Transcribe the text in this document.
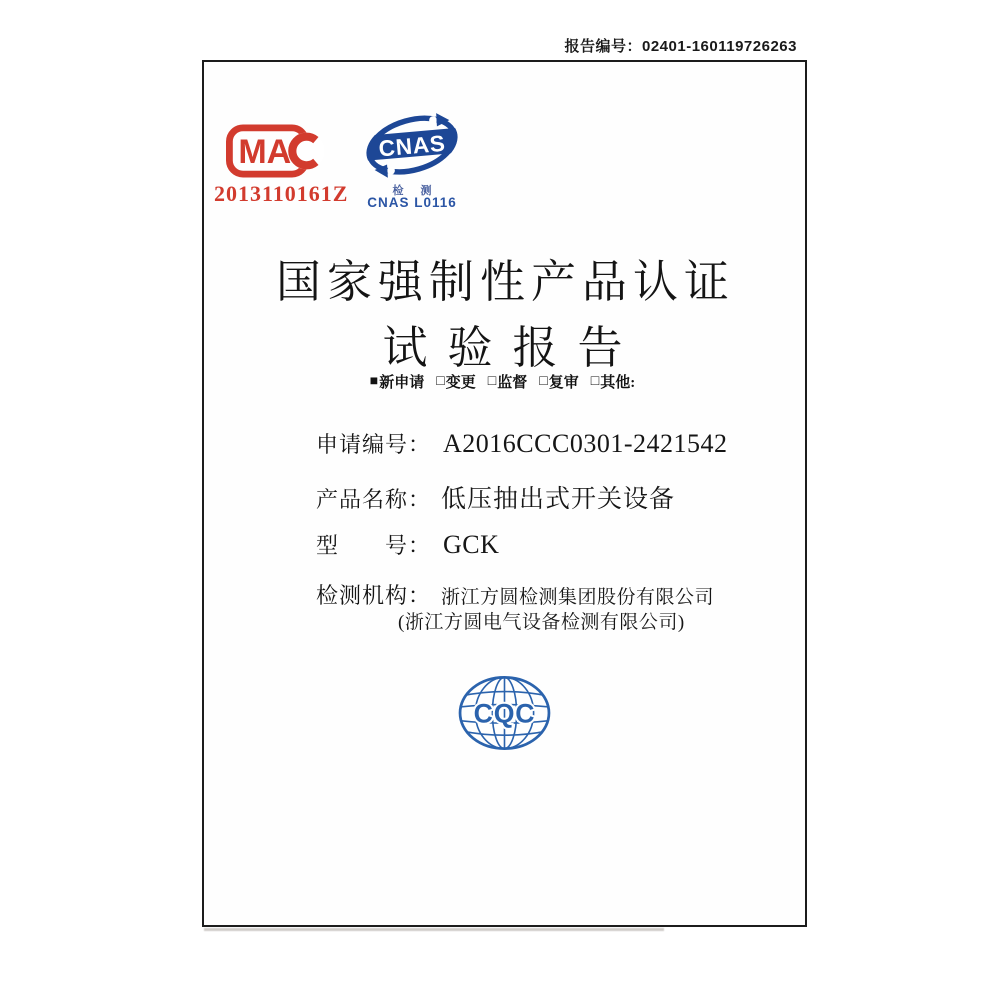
报告编号：02401-160119726263
MA
2013110161Z
CNAS
检 测
CNAS L0116
国家强制性产品认证
试验报告
■ 新申请 □ 变更 □ 监督 □ 复审 □ 其他:
申请编号： A2016CCC0301-2421542
产品名称： 低压抽出式开关设备
型　　号： GCK
检测机构： 浙江方圆检测集团股份有限公司
(浙江方圆电气设备检测有限公司)
CQC
